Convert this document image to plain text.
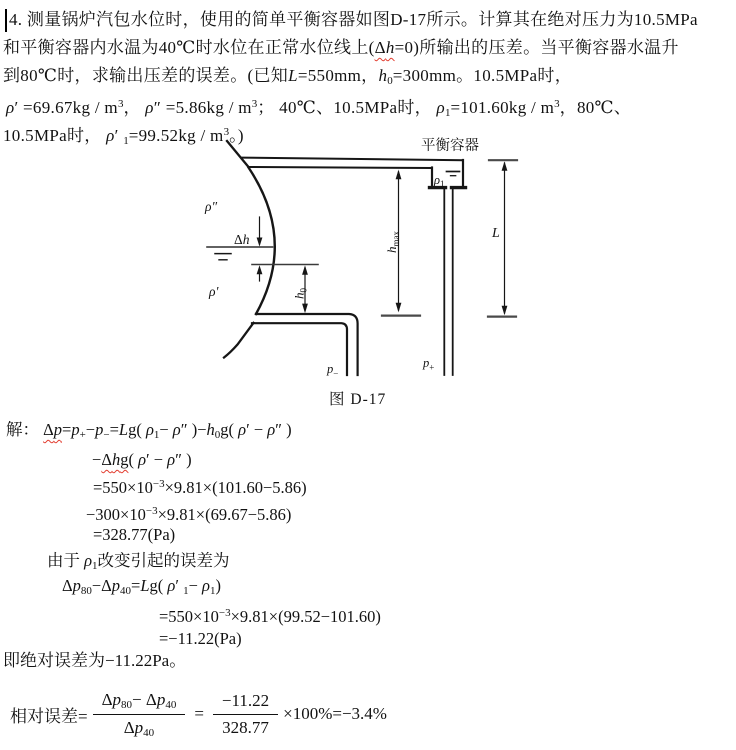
4. 测量锅炉汽包水位时，使用的简单平衡容器如图D-17所示。计算其在绝对压力为10.5MPa
和平衡容器内水温为40℃时水位在正常水位线上(Δh=0)所输出的压差。当平衡容器水温升
到80℃时，求输出压差的误差。(已知L=550mm，h0=300mm。10.5MPa时，
$\rho' =69.67kg / m^3$， $\rho'' =5.86kg / m^3$； 40℃、10.5MPa时， $\rho 1=101.60kg / m^3$，80℃、
10.5MPa时， ρ′ $1=99.52kg / m^3$。)
平衡容器
ρ″
ρ′
Δh
$h_0$
$h_{max}$	L
$\rho_1$
$p_-$
$p_+$
图 D-17
解： Δp=p+−p−=Lg( ρ1− ρ″ )−h0g( ρ′ − ρ″ )
−Δhg( ρ′ − ρ″ )
$=550\times 10^{-3}\times 9.81\times(101.60-5.86)$
$-300\times 10^{-3}\times 9.81\times(69.67-5.86)$
=328.77(Pa)
由于 ρ1改变引起的误差为
Δp80−Δp40=Lg( ρ′ 1− ρ1)
$=550\times 10^{-3}\times 9.81\times(99.52-101.60)$
=−11.22(Pa)
即绝对误差为−11.22Pa。
相对误差= $\frac{\Delta p80- \Delta p40}{\Delta p40} = \frac{-11.22}{328.77} \times 100\%=-3.4\%$
